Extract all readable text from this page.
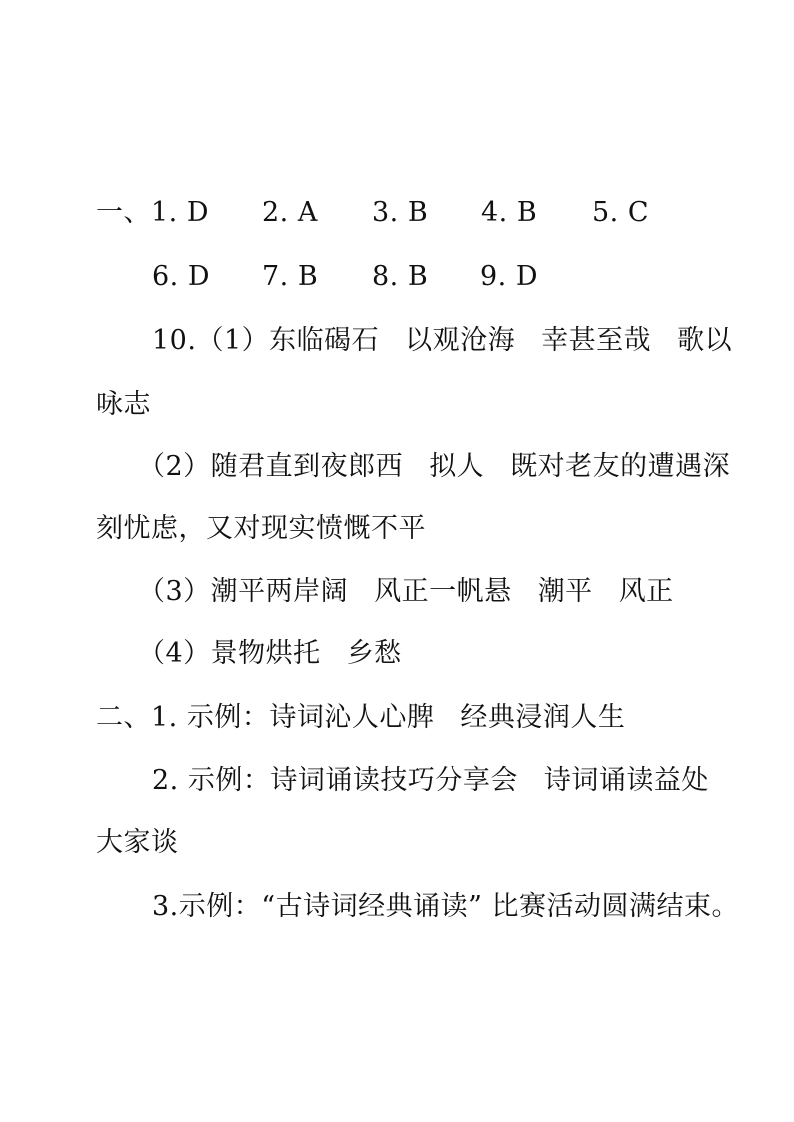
一、1. D 2. A 3. B 4. B 5. C
6. D 7. B 8. B 9. D
10.（1）东临碣石 以观沧海 幸甚至哉 歌以
咏志
（2）随君直到夜郎西 拟人 既对老友的遭遇深
刻忧虑，又对现实愤慨不平
（3）潮平两岸阔 风正一帆悬 潮平 风正
（4）景物烘托 乡愁
二、1. 示例：诗词沁人心脾 经典浸润人生
2. 示例：诗词诵读技巧分享会 诗词诵读益处
大家谈
3.示例：“古诗词经典诵读” 比赛活动圆满结束。
